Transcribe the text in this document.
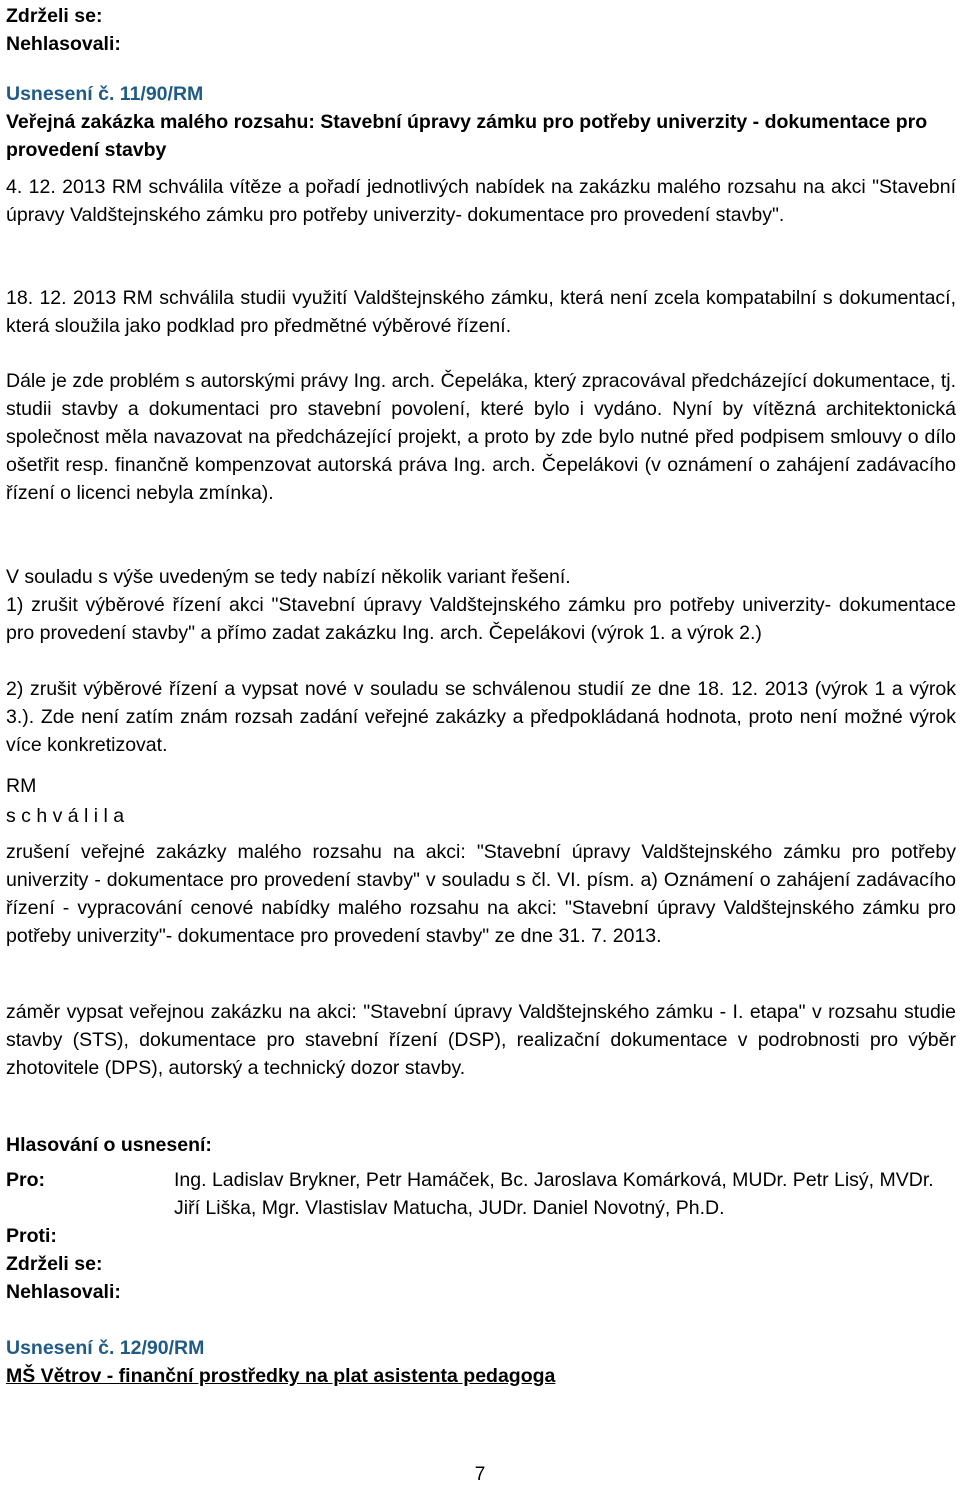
Zdrželi se:

Nehlasovali:

Usnesení č. 11/90/RM

Veřejná zakázka malého rozsahu: Stavební úpravy zámku pro potřeby univerzity - dokumentace pro provedení stavby

4. 12. 2013 RM schválila vítěze a pořadí jednotlivých nabídek na zakázku malého rozsahu na akci "Stavební úpravy Valdštejnského zámku pro potřeby univerzity- dokumentace pro provedení stavby".

18. 12. 2013 RM schválila studii využití Valdštejnského zámku, která není zcela kompatabilní s dokumentací, která sloužila jako podklad pro předmětné výběrové řízení.

Dále je zde problém s autorskými právy Ing. arch. Čepeláka, který zpracovával předcházející dokumentace, tj. studii stavby a dokumentaci pro stavební povolení, které bylo i vydáno. Nyní by vítězná architektonická společnost měla navazovat na předcházející projekt, a proto by zde bylo nutné před podpisem smlouvy o dílo ošetřit resp. finančně kompenzovat autorská práva Ing. arch. Čepelákovi (v oznámení o zahájení zadávacího řízení o licenci nebyla zmínka).

V souladu s výše uvedeným se tedy nabízí několik variant řešení.

1) zrušit výběrové řízení akci "Stavební úpravy Valdštejnského zámku pro potřeby univerzity- dokumentace pro provedení stavby" a přímo zadat zakázku Ing. arch. Čepelákovi (výrok 1. a výrok 2.)

2) zrušit výběrové řízení a vypsat nové v souladu se schválenou studií ze dne 18. 12. 2013 (výrok 1 a výrok 3.). Zde není zatím znám rozsah zadání veřejné zakázky a předpokládaná hodnota, proto není možné výrok více konkretizovat.

RM

s c h v á l i l a

zrušení veřejné zakázky malého rozsahu na akci: "Stavební úpravy Valdštejnského zámku pro potřeby univerzity - dokumentace pro provedení stavby" v souladu s čl. VI. písm. a) Oznámení o zahájení zadávacího řízení - vypracování cenové nabídky malého rozsahu na akci: "Stavební úpravy Valdštejnského zámku pro potřeby univerzity"- dokumentace pro provedení stavby" ze dne 31. 7. 2013.

záměr vypsat veřejnou zakázku na akci: "Stavební úpravy Valdštejnského zámku - I. etapa" v rozsahu studie stavby (STS), dokumentace pro stavební řízení (DSP), realizační dokumentace v podrobnosti pro výběr zhotovitele (DPS), autorský a technický dozor stavby.

Hlasování o usnesení:

Pro:	Ing. Ladislav Brykner, Petr Hamáček, Bc. Jaroslava Komárková, MUDr. Petr Lisý, MVDr. Jiří Liška, Mgr. Vlastislav Matucha, JUDr. Daniel Novotný, Ph.D.

Proti:

Zdrželi se:

Nehlasovali:

Usnesení č. 12/90/RM

MŠ Větrov - finanční prostředky na plat asistenta pedagoga

7
